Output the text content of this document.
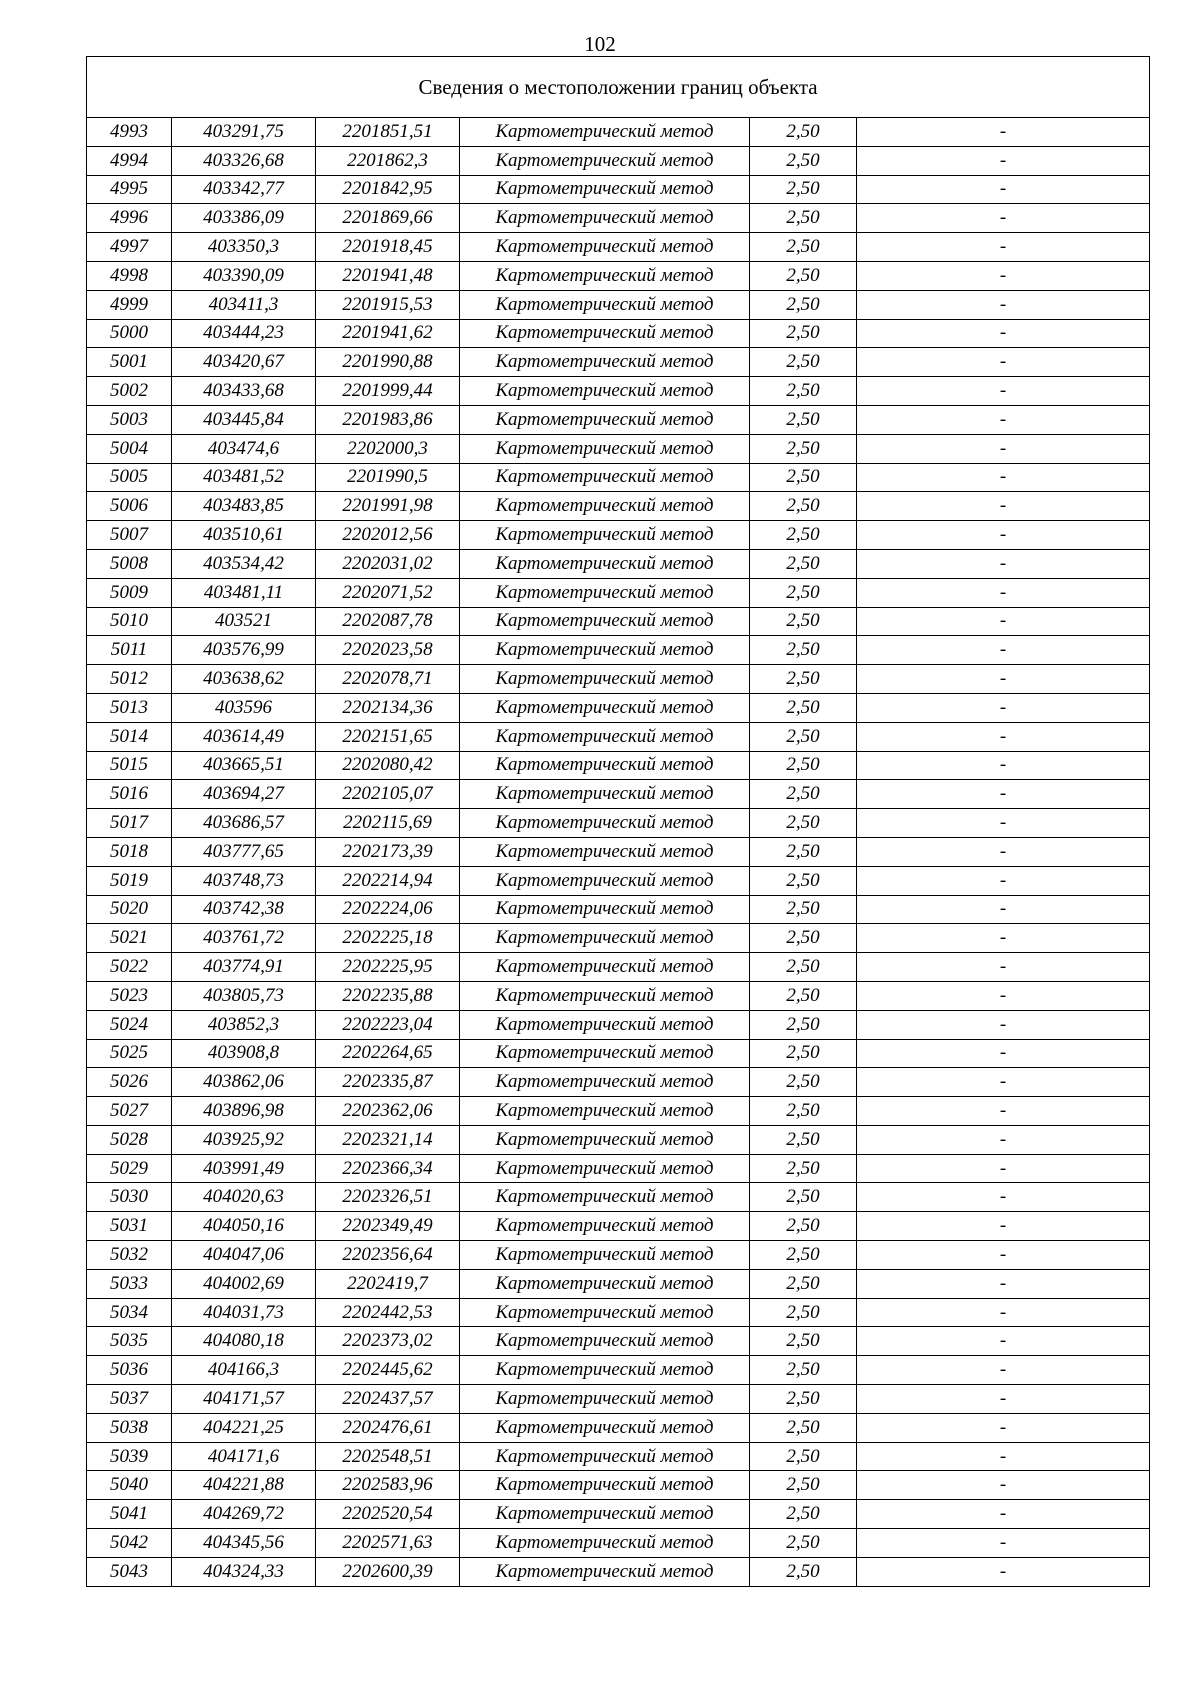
102
Сведения о местоположении границ объекта					
4993	403291,75	2201851,51	Картометрический метод	2,50	-
4994	403326,68	2201862,3	Картометрический метод	2,50	-
4995	403342,77	2201842,95	Картометрический метод	2,50	-
4996	403386,09	2201869,66	Картометрический метод	2,50	-
4997	403350,3	2201918,45	Картометрический метод	2,50	-
4998	403390,09	2201941,48	Картометрический метод	2,50	-
4999	403411,3	2201915,53	Картометрический метод	2,50	-
5000	403444,23	2201941,62	Картометрический метод	2,50	-
5001	403420,67	2201990,88	Картометрический метод	2,50	-
5002	403433,68	2201999,44	Картометрический метод	2,50	-
5003	403445,84	2201983,86	Картометрический метод	2,50	-
5004	403474,6	2202000,3	Картометрический метод	2,50	-
5005	403481,52	2201990,5	Картометрический метод	2,50	-
5006	403483,85	2201991,98	Картометрический метод	2,50	-
5007	403510,61	2202012,56	Картометрический метод	2,50	-
5008	403534,42	2202031,02	Картометрический метод	2,50	-
5009	403481,11	2202071,52	Картометрический метод	2,50	-
5010	403521	2202087,78	Картометрический метод	2,50	-
5011	403576,99	2202023,58	Картометрический метод	2,50	-
5012	403638,62	2202078,71	Картометрический метод	2,50	-
5013	403596	2202134,36	Картометрический метод	2,50	-
5014	403614,49	2202151,65	Картометрический метод	2,50	-
5015	403665,51	2202080,42	Картометрический метод	2,50	-
5016	403694,27	2202105,07	Картометрический метод	2,50	-
5017	403686,57	2202115,69	Картометрический метод	2,50	-
5018	403777,65	2202173,39	Картометрический метод	2,50	-
5019	403748,73	2202214,94	Картометрический метод	2,50	-
5020	403742,38	2202224,06	Картометрический метод	2,50	-
5021	403761,72	2202225,18	Картометрический метод	2,50	-
5022	403774,91	2202225,95	Картометрический метод	2,50	-
5023	403805,73	2202235,88	Картометрический метод	2,50	-
5024	403852,3	2202223,04	Картометрический метод	2,50	-
5025	403908,8	2202264,65	Картометрический метод	2,50	-
5026	403862,06	2202335,87	Картометрический метод	2,50	-
5027	403896,98	2202362,06	Картометрический метод	2,50	-
5028	403925,92	2202321,14	Картометрический метод	2,50	-
5029	403991,49	2202366,34	Картометрический метод	2,50	-
5030	404020,63	2202326,51	Картометрический метод	2,50	-
5031	404050,16	2202349,49	Картометрический метод	2,50	-
5032	404047,06	2202356,64	Картометрический метод	2,50	-
5033	404002,69	2202419,7	Картометрический метод	2,50	-
5034	404031,73	2202442,53	Картометрический метод	2,50	-
5035	404080,18	2202373,02	Картометрический метод	2,50	-
5036	404166,3	2202445,62	Картометрический метод	2,50	-
5037	404171,57	2202437,57	Картометрический метод	2,50	-
5038	404221,25	2202476,61	Картометрический метод	2,50	-
5039	404171,6	2202548,51	Картометрический метод	2,50	-
5040	404221,88	2202583,96	Картометрический метод	2,50	-
5041	404269,72	2202520,54	Картометрический метод	2,50	-
5042	404345,56	2202571,63	Картометрический метод	2,50	-
5043	404324,33	2202600,39	Картометрический метод	2,50	-
